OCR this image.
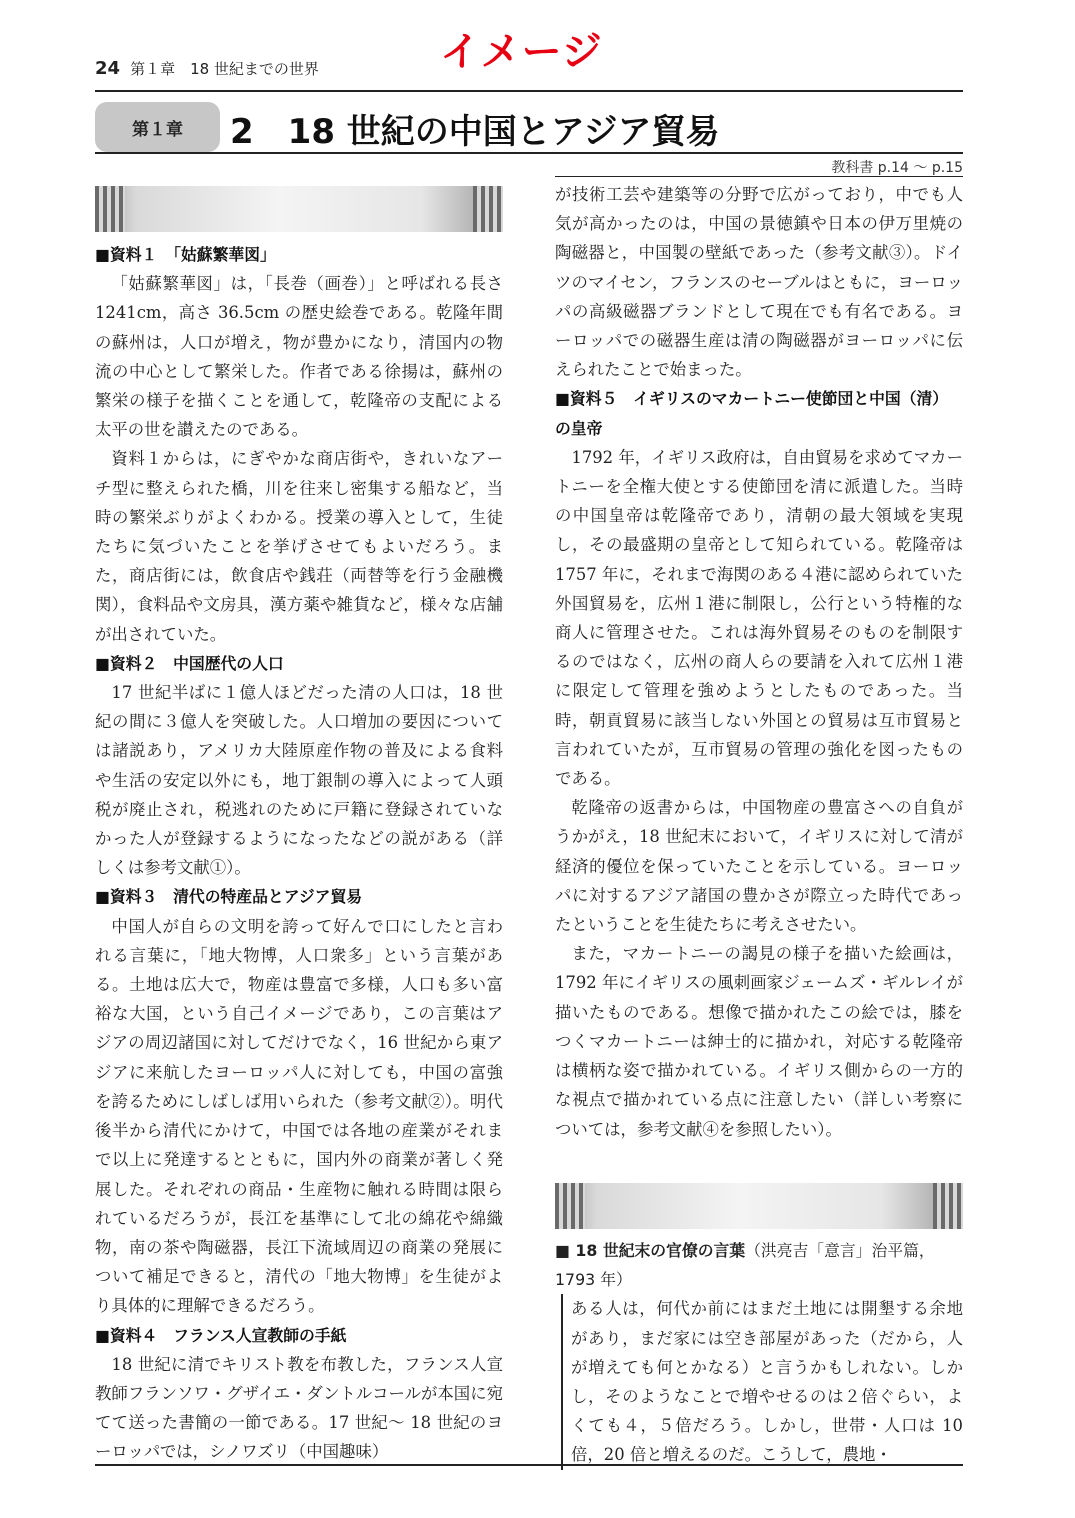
24 第１章　18 世紀までの世界	イメージ
第１章	2　18 世紀の中国とアジア貿易
教科書 p.14 〜 p.15
■資料１　「姑蘇繁華図」

「姑蘇繁華図」は，「長巻（画巻）」と呼ばれる長さ 1241cm，高さ 36.5cm の歴史絵巻である。乾隆年間の蘇州は，人口が増え，物が豊かになり，清国内の物流の中心として繁栄した。作者である徐揚は，蘇州の繁栄の様子を描くことを通して，乾隆帝の支配による太平の世を讃えたのである。

資料１からは，にぎやかな商店街や，きれいなアーチ型に整えられた橋，川を往来し密集する船など，当時の繁栄ぶりがよくわかる。授業の導入として，生徒たちに気づいたことを挙げさせてもよいだろう。また，商店街には，飲食店や銭荘（両替等を行う金融機関），食料品や文房具，漢方薬や雑貨など，様々な店舗が出されていた。

■資料２　中国歴代の人口

17 世紀半ばに１億人ほどだった清の人口は，18 世紀の間に３億人を突破した。人口増加の要因については諸説あり，アメリカ大陸原産作物の普及による食料や生活の安定以外にも，地丁銀制の導入によって人頭税が廃止され，税逃れのために戸籍に登録されていなかった人が登録するようになったなどの説がある（詳しくは参考文献①）。

■資料３　清代の特産品とアジア貿易

中国人が自らの文明を誇って好んで口にしたと言われる言葉に，「地大物博，人口衆多」という言葉がある。土地は広大で，物産は豊富で多様，人口も多い富裕な大国，という自己イメージであり，この言葉はアジアの周辺諸国に対してだけでなく，16 世紀から東アジアに来航したヨーロッパ人に対しても，中国の富強を誇るためにしばしば用いられた（参考文献②）。明代後半から清代にかけて，中国では各地の産業がそれまで以上に発達するとともに，国内外の商業が著しく発展した。それぞれの商品・生産物に触れる時間は限られているだろうが，長江を基準にして北の綿花や綿織物，南の茶や陶磁器，長江下流域周辺の商業の発展について補足できると，清代の「地大物博」を生徒がより具体的に理解できるだろう。

■資料４　フランス人宣教師の手紙

18 世紀に清でキリスト教を布教した，フランス人宣教師フランソワ・グザイエ・ダントルコールが本国に宛てて送った書簡の一節である。17 世紀〜 18 世紀のヨーロッパでは，シノワズリ（中国趣味）

が技術工芸や建築等の分野で広がっており，中でも人気が高かったのは，中国の景徳鎮や日本の伊万里焼の陶磁器と，中国製の壁紙であった（参考文献③）。ドイツのマイセン，フランスのセーブルはともに，ヨーロッパの高級磁器ブランドとして現在でも有名である。ヨーロッパでの磁器生産は清の陶磁器がヨーロッパに伝えられたことで始まった。

■資料５　イギリスのマカートニー使節団と中国（清）の皇帝

1792 年，イギリス政府は，自由貿易を求めてマカートニーを全権大使とする使節団を清に派遣した。当時の中国皇帝は乾隆帝であり，清朝の最大領域を実現し，その最盛期の皇帝として知られている。乾隆帝は 1757 年に，それまで海関のある４港に認められていた外国貿易を，広州１港に制限し，公行という特権的な商人に管理させた。これは海外貿易そのものを制限するのではなく，広州の商人らの要請を入れて広州１港に限定して管理を強めようとしたものであった。当時，朝貢貿易に該当しない外国との貿易は互市貿易と言われていたが，互市貿易の管理の強化を図ったものである。

乾隆帝の返書からは，中国物産の豊富さへの自負がうかがえ，18 世紀末において，イギリスに対して清が経済的優位を保っていたことを示している。ヨーロッパに対するアジア諸国の豊かさが際立った時代であったということを生徒たちに考えさせたい。

また，マカートニーの謁見の様子を描いた絵画は，1792 年にイギリスの風刺画家ジェームズ・ギルレイが描いたものである。想像で描かれたこの絵では，膝をつくマカートニーは紳士的に描かれ，対応する乾隆帝は横柄な姿で描かれている。イギリス側からの一方的な視点で描かれている点に注意したい（詳しい考察については，参考文献④を参照したい）。

■ 18 世紀末の官僚の言葉（洪亮吉「意言」治平篇，1793 年）

ある人は，何代か前にはまだ土地には開墾する余地があり，まだ家には空き部屋があった（だから，人が増えても何とかなる）と言うかもしれない。しかし，そのようなことで増やせるのは２倍ぐらい，よくても４，５倍だろう。しかし，世帯・人口は 10 倍，20 倍と増えるのだ。こうして，農地・
